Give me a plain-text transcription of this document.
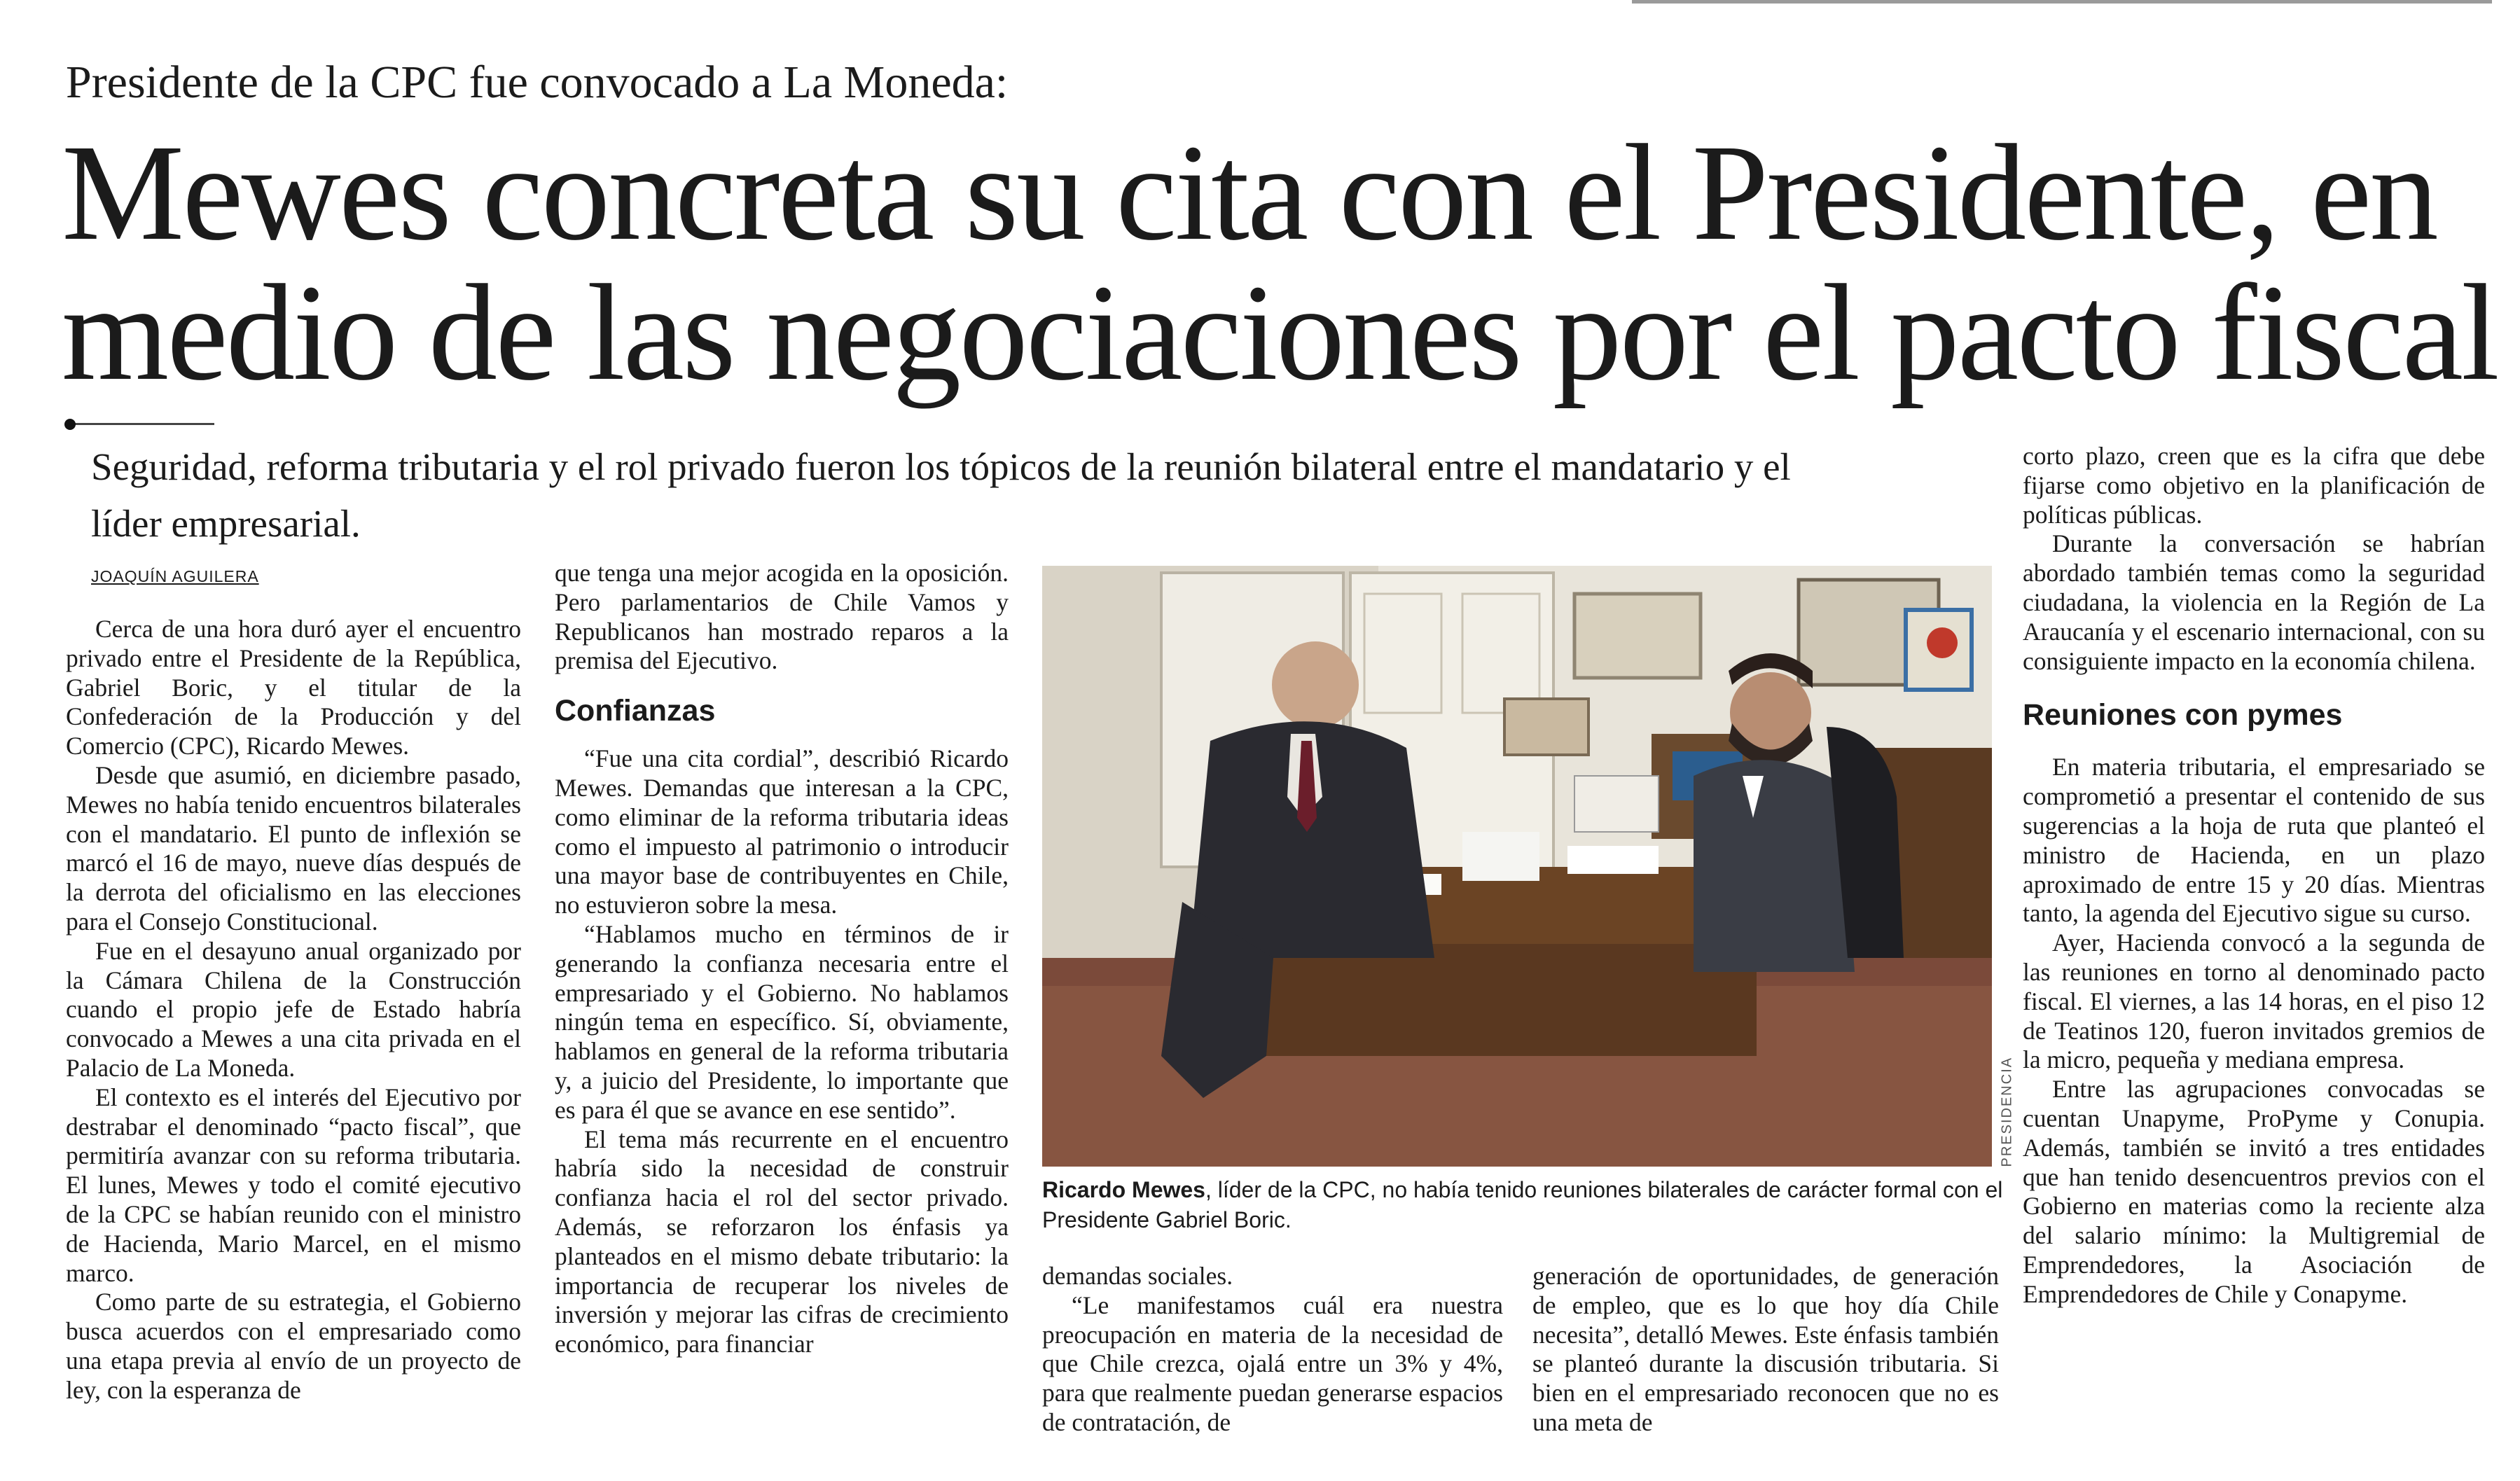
Presidente de la CPC fue convocado a La Moneda:
Mewes concreta su cita con el Presidente, en
medio de las negociaciones por el pacto fiscal
Seguridad, reforma tributaria y el rol privado fueron los tópicos de la reunión bilateral entre el mandatario y el líder empresarial.
JOAQUÍN AGUILERA

Cerca de una hora duró ayer el encuentro privado entre el Presidente de la República, Gabriel Boric, y el titular de la Confederación de la Producción y del Comercio (CPC), Ricardo Mewes.

Desde que asumió, en diciembre pasado, Mewes no había tenido encuentros bilaterales con el mandatario. El punto de inflexión se marcó el 16 de mayo, nueve días después de la derrota del oficialismo en las elecciones para el Consejo Constitucional.

Fue en el desayuno anual organizado por la Cámara Chilena de la Construcción cuando el propio jefe de Estado habría convocado a Mewes a una cita privada en el Palacio de La Moneda.

El contexto es el interés del Ejecutivo por destrabar el denominado “pacto fiscal”, que permitiría avanzar con su reforma tributaria. El lunes, Mewes y todo el comité ejecutivo de la CPC se habían reunido con el ministro de Hacienda, Mario Marcel, en el mismo marco.

Como parte de su estrategia, el Gobierno busca acuerdos con el empresariado como una etapa previa al envío de un proyecto de ley, con la esperanza de

que tenga una mejor acogida en la oposición. Pero parlamentarios de Chile Vamos y Republicanos han mostrado reparos a la premisa del Ejecutivo.

Confianzas

“Fue una cita cordial”, describió Ricardo Mewes. Demandas que interesan a la CPC, como eliminar de la reforma tributaria ideas como el impuesto al patrimonio o introducir una mayor base de contribuyentes en Chile, no estuvieron sobre la mesa.

“Hablamos mucho en términos de ir generando la confianza necesaria entre el empresariado y el Gobierno. No hablamos ningún tema en específico. Sí, obviamente, hablamos en general de la reforma tributaria y, a juicio del Presidente, lo importante que es para él que se avance en ese sentido”.

El tema más recurrente en el encuentro habría sido la necesidad de construir confianza hacia el rol del sector privado. Además, se reforzaron los énfasis ya planteados en el mismo debate tributario: la importancia de recuperar los niveles de inversión y mejorar las cifras de crecimiento económico, para financiar

PRESIDENCIA
Ricardo Mewes, líder de la CPC, no había tenido reuniones bilaterales de carácter formal con el Presidente Gabriel Boric.

demandas sociales.

“Le manifestamos cuál era nuestra preocupación en materia de la necesidad de que Chile crezca, ojalá entre un 3% y 4%, para que realmente puedan generarse espacios de contratación, de

generación de oportunidades, de generación de empleo, que es lo que hoy día Chile necesita”, detalló Mewes. Este énfasis también se planteó durante la discusión tributaria. Si bien en el empresariado reconocen que no es una meta de

corto plazo, creen que es la cifra que debe fijarse como objetivo en la planificación de políticas públicas.

Durante la conversación se habrían abordado también temas como la seguridad ciudadana, la violencia en la Región de La Araucanía y el escenario internacional, con su consiguiente impacto en la economía chilena.

Reuniones con pymes

En materia tributaria, el empresariado se comprometió a presentar el contenido de sus sugerencias a la hoja de ruta que planteó el ministro de Hacienda, en un plazo aproximado de entre 15 y 20 días. Mientras tanto, la agenda del Ejecutivo sigue su curso.

Ayer, Hacienda convocó a la segunda de las reuniones en torno al denominado pacto fiscal. El viernes, a las 14 horas, en el piso 12 de Teatinos 120, fueron invitados gremios de la micro, pequeña y mediana empresa.

Entre las agrupaciones convocadas se cuentan Unapyme, ProPyme y Conupia. Además, también se invitó a tres entidades que han tenido desencuentros previos con el Gobierno en materias como la reciente alza del salario mínimo: la Multigremial de Emprendedores, la Asociación de Emprendedores de Chile y Conapyme.
